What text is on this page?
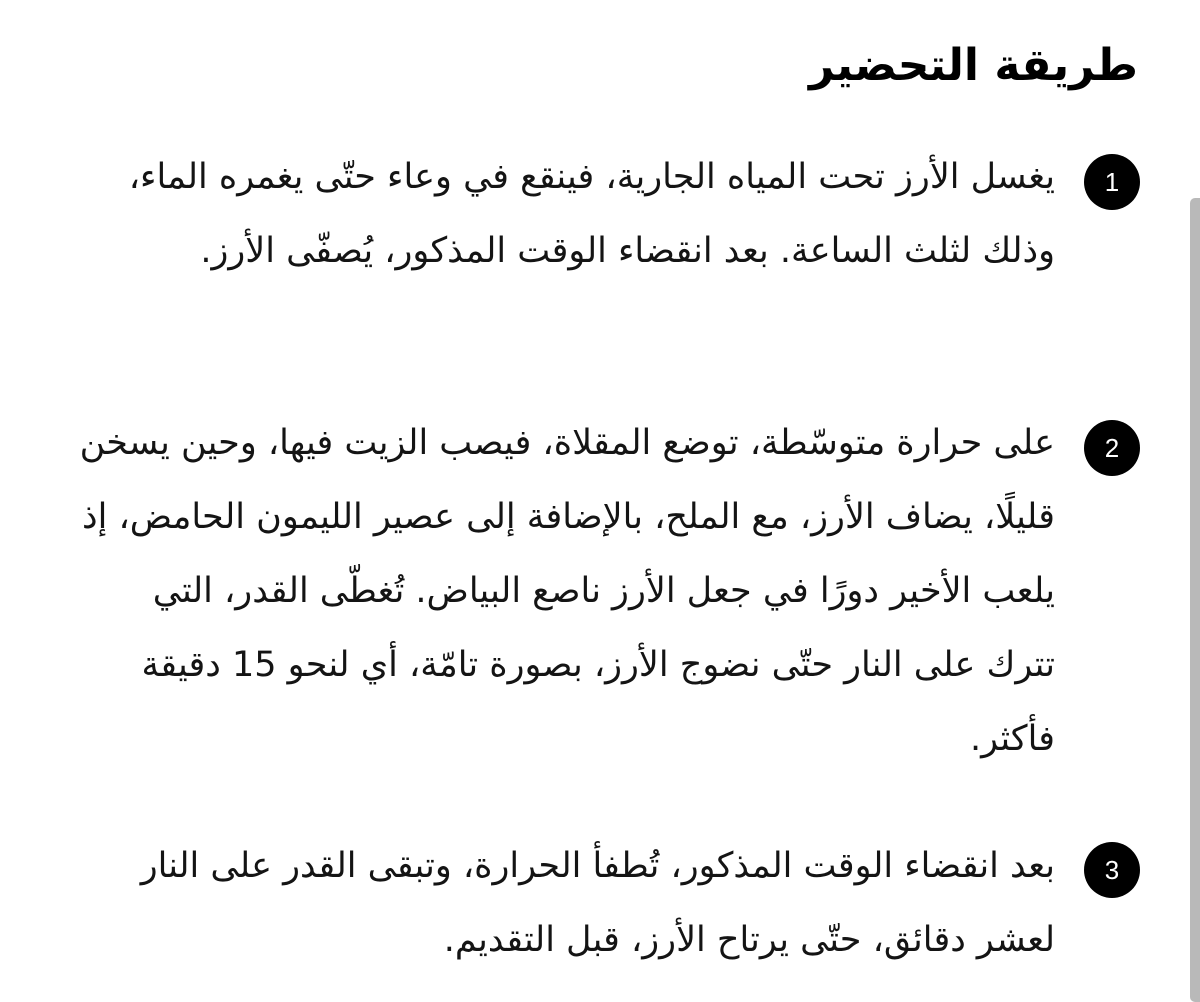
طريقة التحضير
1

يغسل الأرز تحت المياه الجارية، فينقع في وعاء حتّى يغمره الماء، وذلك لثلث الساعة. بعد انقضاء الوقت المذكور، يُصفّى الأرز.

2

على حرارة متوسّطة، توضع المقلاة، فيصب الزيت فيها، وحين يسخن قليلًا، يضاف الأرز، مع الملح، بالإضافة إلى عصير الليمون الحامض، إذ يلعب الأخير دورًا في جعل الأرز ناصع البياض. تُغطّى القدر، التي تترك على النار حتّى نضوج الأرز، بصورة تامّة، أي لنحو 15 دقيقة فأكثر.

3

بعد انقضاء الوقت المذكور، تُطفأ الحرارة، وتبقى القدر على النار لعشر دقائق، حتّى يرتاح الأرز، قبل التقديم.
